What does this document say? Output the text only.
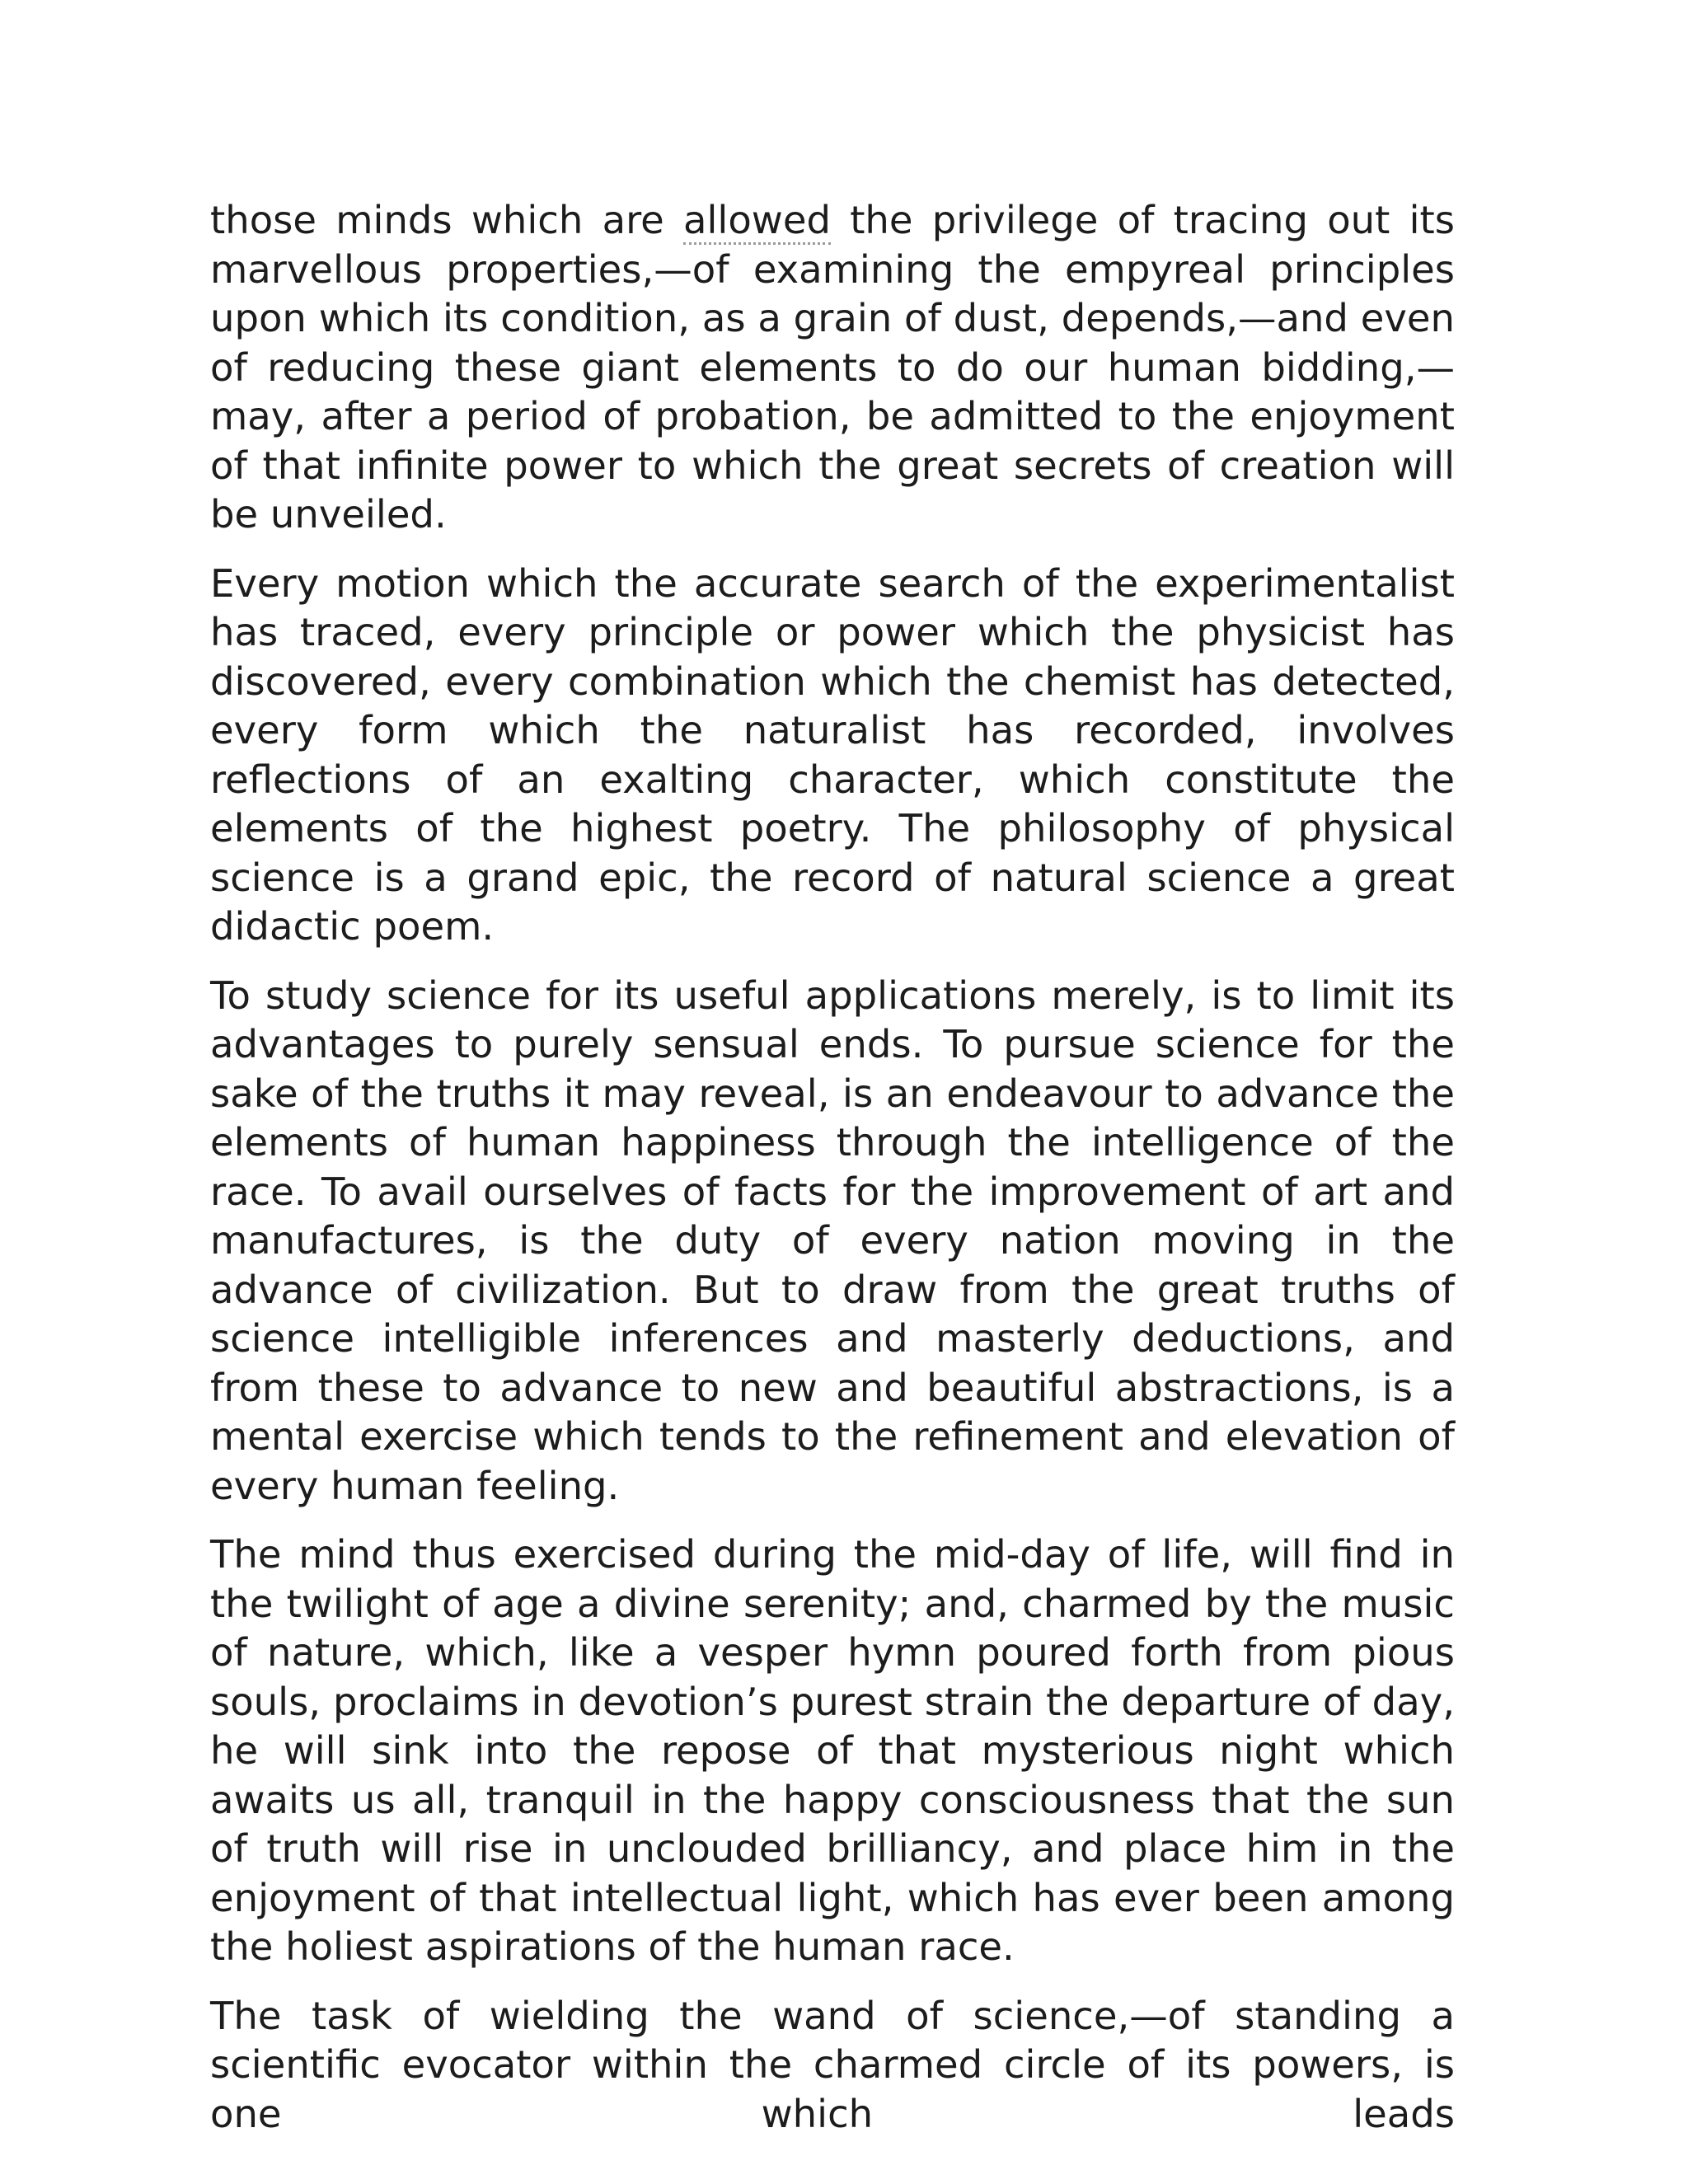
those minds which are allowed the privilege of tracing out its marvellous properties,—of examining the empyreal principles upon which its condition, as a grain of dust, depends,—and even of reducing these giant elements to do our human bidding,—may, after a period of probation, be admitted to the enjoyment of that infinite power to which the great secrets of creation will be unveiled.

Every motion which the accurate search of the experimentalist has traced, every principle or power which the physicist has discovered, every combination which the chemist has detected, every form which the naturalist has recorded, involves reflections of an exalting character, which constitute the elements of the highest poetry. The philosophy of physical science is a grand epic, the record of natural science a great didactic poem.

To study science for its useful applications merely, is to limit its advantages to purely sensual ends. To pursue science for the sake of the truths it may reveal, is an endeavour to advance the elements of human happiness through the intelligence of the race. To avail ourselves of facts for the improvement of art and manufactures, is the duty of every nation moving in the advance of civilization. But to draw from the great truths of science intelligible inferences and masterly deductions, and from these to advance to new and beautiful abstractions, is a mental exercise which tends to the refinement and elevation of every human feeling.

The mind thus exercised during the mid-day of life, will find in the twilight of age a divine serenity; and, charmed by the music of nature, which, like a vesper hymn poured forth from pious souls, proclaims in devotion’s purest strain the departure of day, he will sink into the repose of that mysterious night which awaits us all, tranquil in the happy consciousness that the sun of truth will rise in unclouded brilliancy, and place him in the enjoyment of that intellectual light, which has ever been among the holiest aspirations of the human race.

The task of wielding the wand of science,—of standing a scientific evocator within the charmed circle of its powers, is one which leads
